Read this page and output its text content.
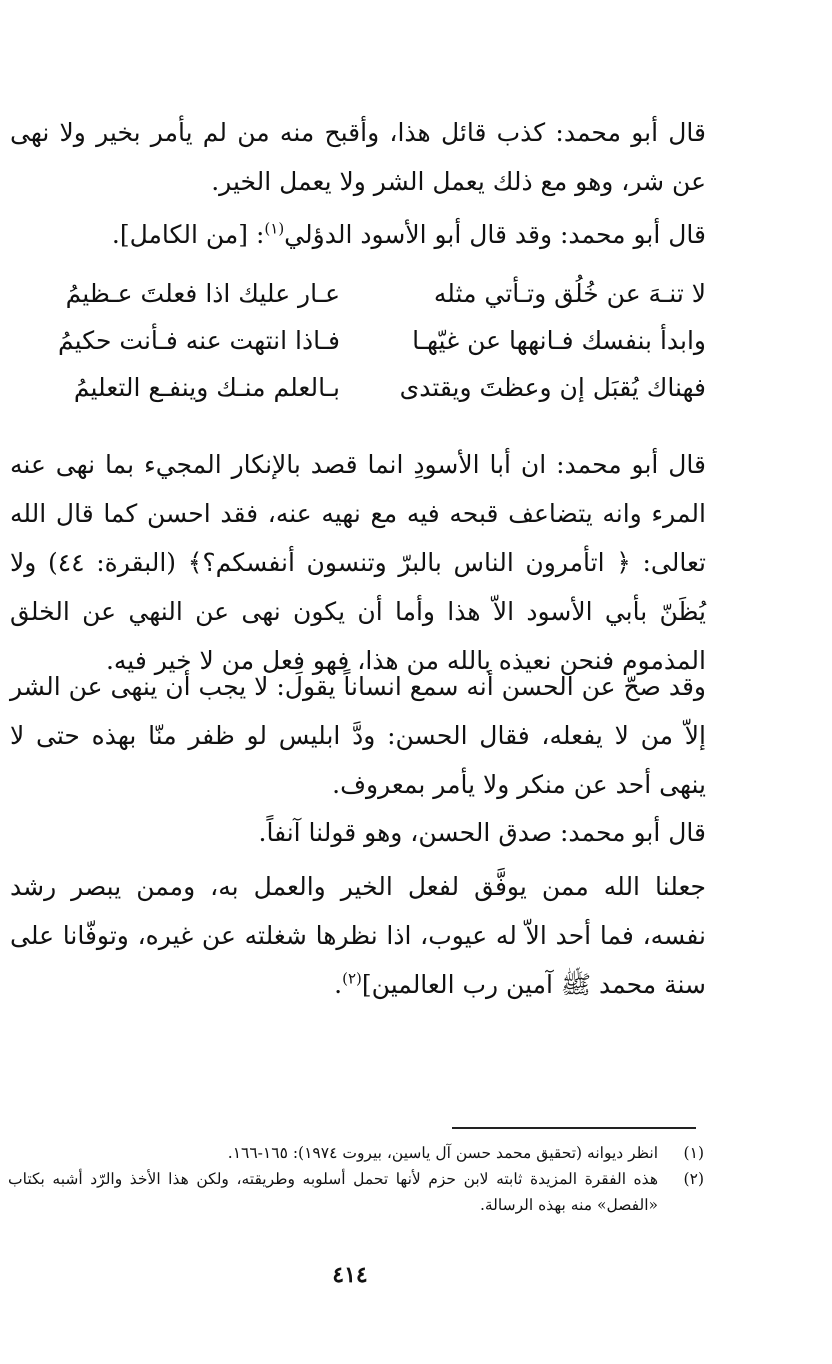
قال أبو محمد: كذب قائل هذا، وأقبح منه من لم يأمر بخير ولا نهى عن شر، وهو مع ذلك يعمل الشر ولا يعمل الخير.

قال أبو محمد: وقد قال أبو الأسود الدؤلي$^{(١)}$: [من الكامل].

لا تنـهَ عن خُلُق وتـأتي مثله
عـار عليك اذا فعلتَ عـظيمُ
وابدأ بنفسك فـانهها عن غيّهـا
فـاذا انتهت عنه فـأنت حكيمُ
فهناك يُقبَل إن وعظتَ ويقتدى
بـالعلم منـك وينفـع التعليمُ

قال أبو محمد: ان أبا الأسودِ انما قصد بالإنكار المجيء بما نهى عنه المرء وانه يتضاعف قبحه فيه مع نهيه عنه، فقد احسن كما قال الله تعالى: ﴿ اتأمرون الناس بالبرّ وتنسون أنفسكم؟﴾ (البقرة: ٤٤) ولا يُظَنّ بأبي الأسود الاّ هذا وأما أن يكون نهى عن النهي عن الخلق المذموم فنحن نعيذه بالله من هذا، فهو فِعل من لا خير فيه.

وقد صحّ عن الحسن أنه سمع انساناً يقول: لا يجب أن ينهى عن الشر إلاّ من لا يفعله، فقال الحسن: ودَّ ابليس لو ظفر منّا بهذه حتى لا ينهى أحد عن منكر ولا يأمر بمعروف.

قال أبو محمد: صدق الحسن، وهو قولنا آنفاً.

جعلنا الله ممن يوفَّق لفعل الخير والعمل به، وممن يبصر رشد نفسه، فما أحد الاّ له عيوب، اذا نظرها شغلته عن غيره، وتوفّانا على سنة محمد ﷺ آمين رب العالمين]$^{(٢)}$.

(١)
انظر ديوانه (تحقيق محمد حسن آل ياسين، بيروت ١٩٧٤): ١٦٥-١٦٦.
(٢)
هذه الفقرة المزيدة ثابته لابن حزم لأنها تحمل أسلوبه وطريقته، ولكن هذا الأخذ والرّد أشبه بكتاب «الفصل» منه بهذه الرسالة.
٤١٤
